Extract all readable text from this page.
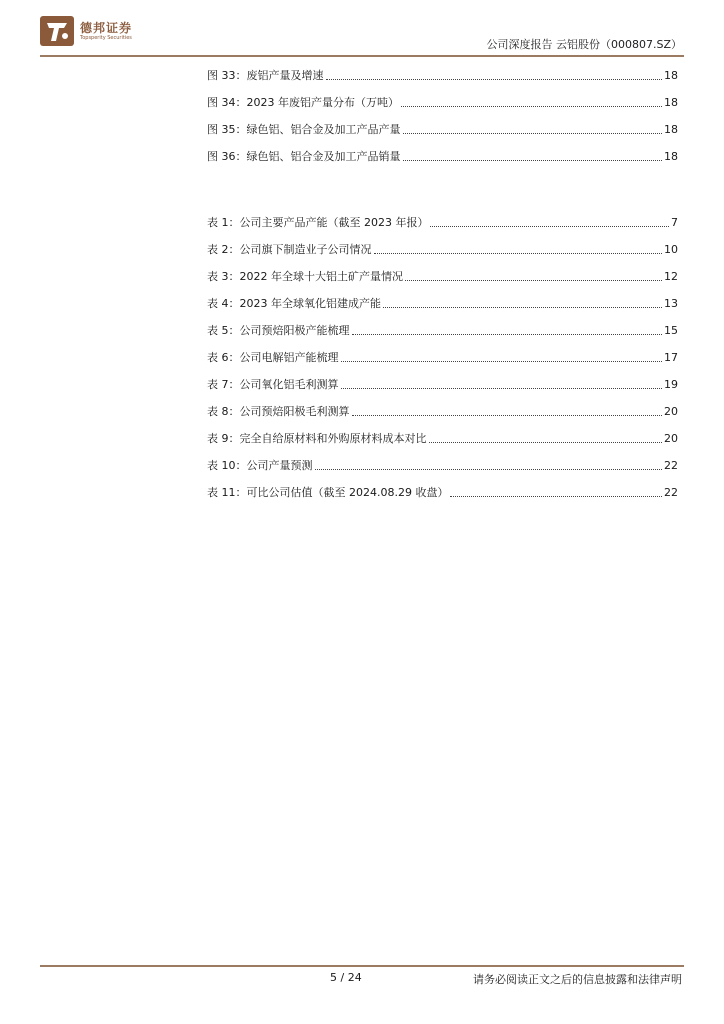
德邦证券
Topsperity Securities	公司深度报告 云铝股份（000807.SZ）
图 33：废铝产量及增速	18
图 34：2023 年废铝产量分布（万吨）	18
图 35：绿色铝、铝合金及加工产品产量	18
图 36：绿色铝、铝合金及加工产品销量	18
表 1：公司主要产品产能（截至 2023 年报）	7
表 2：公司旗下制造业子公司情况	10
表 3：2022 年全球十大铝土矿产量情况	12
表 4：2023 年全球氧化铝建成产能	13
表 5：公司预焙阳极产能梳理	15
表 6：公司电解铝产能梳理	17
表 7：公司氧化铝毛利测算	19
表 8：公司预焙阳极毛利测算	20
表 9：完全自给原材料和外购原材料成本对比	20
表 10：公司产量预测	22
表 11：可比公司估值（截至 2024.08.29 收盘）	22
5 / 24	请务必阅读正文之后的信息披露和法律声明
